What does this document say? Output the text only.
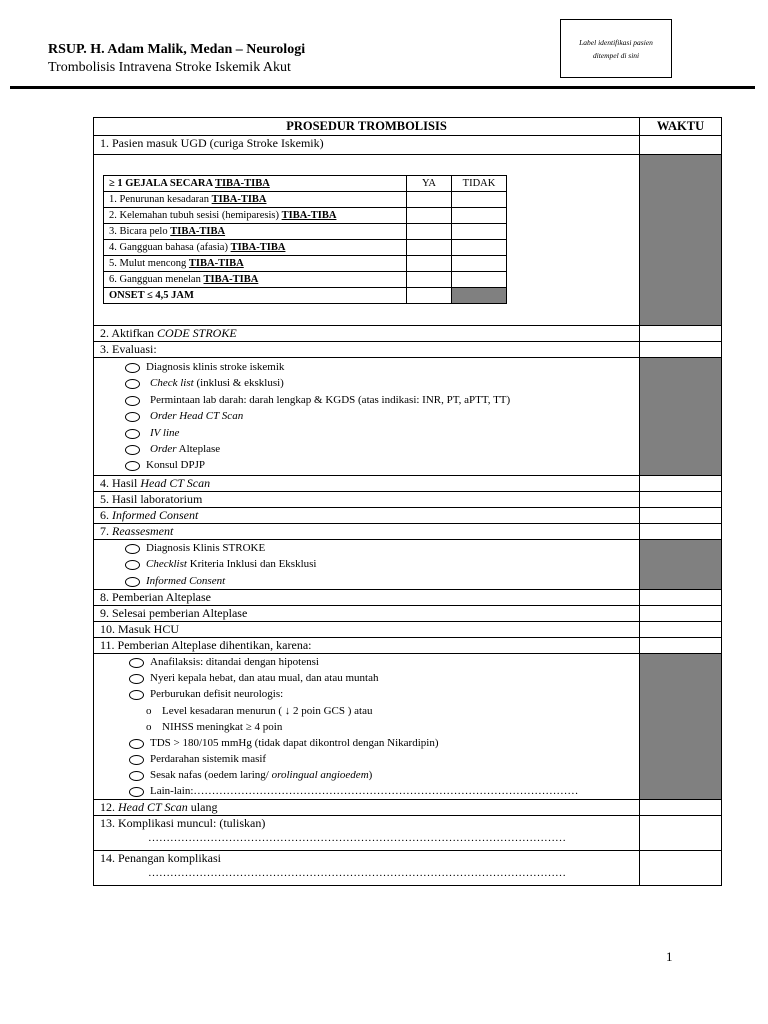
RSUP. H. Adam Malik, Medan – Neurologi
Trombolisis Intravena Stroke Iskemik Akut
Label identifikasi pasien
ditempel di sini
PROSEDUR TROMBOLISIS	WAKTU
1. Pasien masuk UGD (curiga Stroke Iskemik)	

≥ 1 GEJALA SECARA TIBA-TIBA	YA	TIDAK
1. Penurunan kesadaran TIBA-TIBA		
2. Kelemahan tubuh sesisi (hemiparesis) TIBA-TIBA		
3. Bicara pelo TIBA-TIBA		
4. Gangguan bahasa (afasia) TIBA-TIBA		
5. Mulut mencong TIBA-TIBA		
6. Gangguan menelan TIBA-TIBA		
ONSET ≤ 4,5 JAM		

2. Aktifkan CODE STROKE	
3. Evaluasi:	

Diagnosis klinis stroke iskemik
Check list (inklusi & eksklusi)
Permintaan lab darah: darah lengkap & KGDS (atas indikasi: INR, PT, aPTT, TT)
Order Head CT Scan
IV line
Order Alteplase
Konsul DPJP

4. Hasil Head CT Scan	
5. Hasil laboratorium	
6. Informed Consent	
7. Reassesment	

Diagnosis Klinis STROKE
Checklist Kriteria Inklusi dan Eksklusi
Informed Consent

8. Pemberian Alteplase	
9. Selesai pemberian Alteplase	
10. Masuk HCU	
11. Pemberian Alteplase dihentikan, karena:	

Anafilaksis: ditandai dengan hipotensi
Nyeri kepala hebat, dan atau mual, dan atau muntah
Perburukan defisit neurologis:
o Level kesadaran menurun ( ↓ 2 poin GCS ) atau
o NIHSS meningkat ≥ 4 poin
TDS > 180/105 mmHg (tidak dapat dikontrol dengan Nikardipin)
Perdarahan sistemik masif
Sesak nafas (oedem laring/ orolingual angioedem)
Lain-lain:……………………………………………………………………………………………

12. Head CT Scan ulang	

13. Komplikasi muncul: (tuliskan)
……………………………………………………………………………………………………

14. Penangan komplikasi
……………………………………………………………………………………………………

1
